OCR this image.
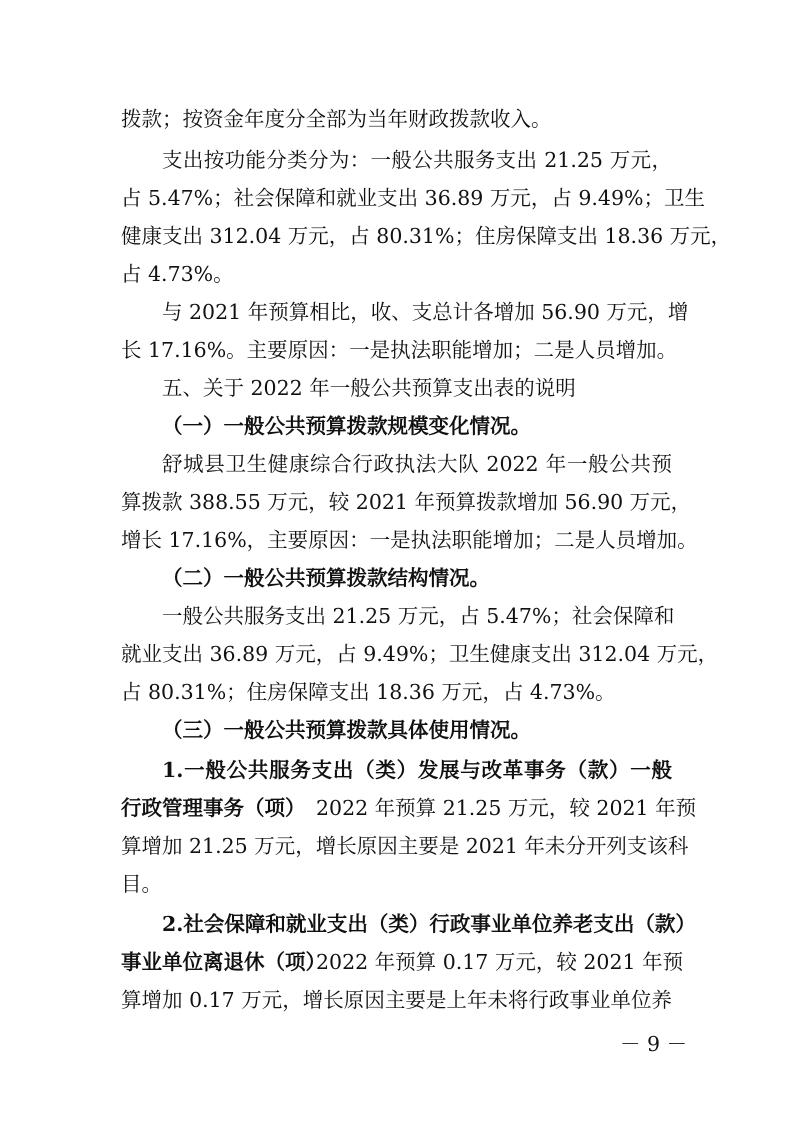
拨款；按资金年度分全部为当年财政拨款收入。
支出按功能分类分为：一般公共服务支出 21.25 万元，
占 5.47%；社会保障和就业支出 36.89 万元，占 9.49%；卫生
健康支出 312.04 万元，占 80.31%；住房保障支出 18.36 万元，
占 4.73%。
与 2021 年预算相比，收、支总计各增加 56.90 万元，增
长 17.16%。主要原因：一是执法职能增加；二是人员增加。
五、关于 2022 年一般公共预算支出表的说明
（一）一般公共预算拨款规模变化情况。
舒城县卫生健康综合行政执法大队 2022 年一般公共预
算拨款 388.55 万元，较 2021 年预算拨款增加 56.90 万元，
增长 17.16%，主要原因：一是执法职能增加；二是人员增加。
（二）一般公共预算拨款结构情况。
一般公共服务支出 21.25 万元，占 5.47%；社会保障和
就业支出 36.89 万元，占 9.49%；卫生健康支出 312.04 万元，
占 80.31%；住房保障支出 18.36 万元，占 4.73%。
（三）一般公共预算拨款具体使用情况。
1.一般公共服务支出（类）发展与改革事务（款）一般
行政管理事务（项） 2022 年预算 21.25 万元，较 2021 年预
算增加 21.25 万元，增长原因主要是 2021 年未分开列支该科
目。
2.社会保障和就业支出（类）行政事业单位养老支出（款）
事业单位离退休（项）
2022 年预算 0.17 万元，较 2021 年预
算增加 0.17 万元，增长原因主要是上年未将行政事业单位养
－ 9 －
